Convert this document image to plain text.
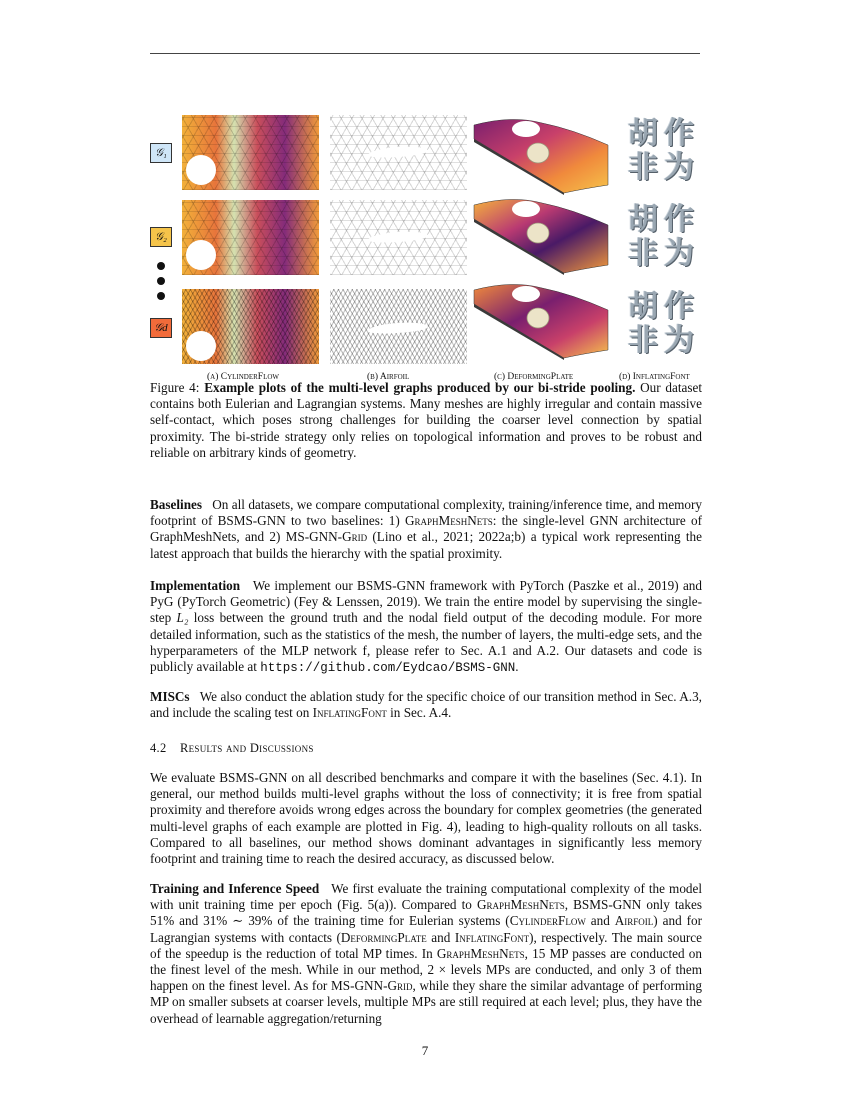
𝒢₁
𝒢₂
𝒢d
胡 作
非 为
胡 作
非 为
胡 作
非 为
(a) CylinderFlow	(b) Airfoil	(c) DeformingPlate	(d) InflatingFont

Figure 4: Example plots of the multi-level graphs produced by our bi-stride pooling. Our dataset contains both Eulerian and Lagrangian systems. Many meshes are highly irregular and contain massive self-contact, which poses strong challenges for building the coarser level connection by spatial proximity. The bi-stride strategy only relies on topological information and proves to be robust and reliable on arbitrary kinds of geometry.

Baselines On all datasets, we compare computational complexity, training/inference time, and memory footprint of BSMS-GNN to two baselines: 1) GraphMeshNets: the single-level GNN architecture of GraphMeshNets, and 2) MS-GNN-Grid (Lino et al., 2021; 2022a;b) a typical work representing the latest approach that builds the hierarchy with the spatial proximity.

Implementation We implement our BSMS-GNN framework with PyTorch (Paszke et al., 2019) and PyG (PyTorch Geometric) (Fey & Lenssen, 2019). We train the entire model by supervising the single-step L₂ loss between the ground truth and the nodal field output of the decoding module. For more detailed information, such as the statistics of the mesh, the number of layers, the multi-edge sets, and the hyperparameters of the MLP network f, please refer to Sec. A.1 and A.2. Our datasets and code is publicly available at https://github.com/Eydcao/BSMS-GNN.

MISCs We also conduct the ablation study for the specific choice of our transition method in Sec. A.3, and include the scaling test on InflatingFont in Sec. A.4.

4.2 Results and Discussions

We evaluate BSMS-GNN on all described benchmarks and compare it with the baselines (Sec. 4.1). In general, our method builds multi-level graphs without the loss of connectivity; it is free from spatial proximity and therefore avoids wrong edges across the boundary for complex geometries (the generated multi-level graphs of each example are plotted in Fig. 4), leading to high-quality rollouts on all tasks. Compared to all baselines, our method shows dominant advantages in significantly less memory footprint and training time to reach the desired accuracy, as discussed below.

Training and Inference Speed We first evaluate the training computational complexity of the model with unit training time per epoch (Fig. 5(a)). Compared to GraphMeshNets, BSMS-GNN only takes 51% and 31% ∼ 39% of the training time for Eulerian systems (CylinderFlow and Airfoil) and for Lagrangian systems with contacts (DeformingPlate and InflatingFont), respectively. The main source of the speedup is the reduction of total MP times. In GraphMeshNets, 15 MP passes are conducted on the finest level of the mesh. While in our method, 2 × levels MPs are conducted, and only 3 of them happen on the finest level. As for MS-GNN-Grid, while they share the similar advantage of performing MP on smaller subsets at coarser levels, multiple MPs are still required at each level; plus, they have the overhead of learnable aggregation/returning

7
